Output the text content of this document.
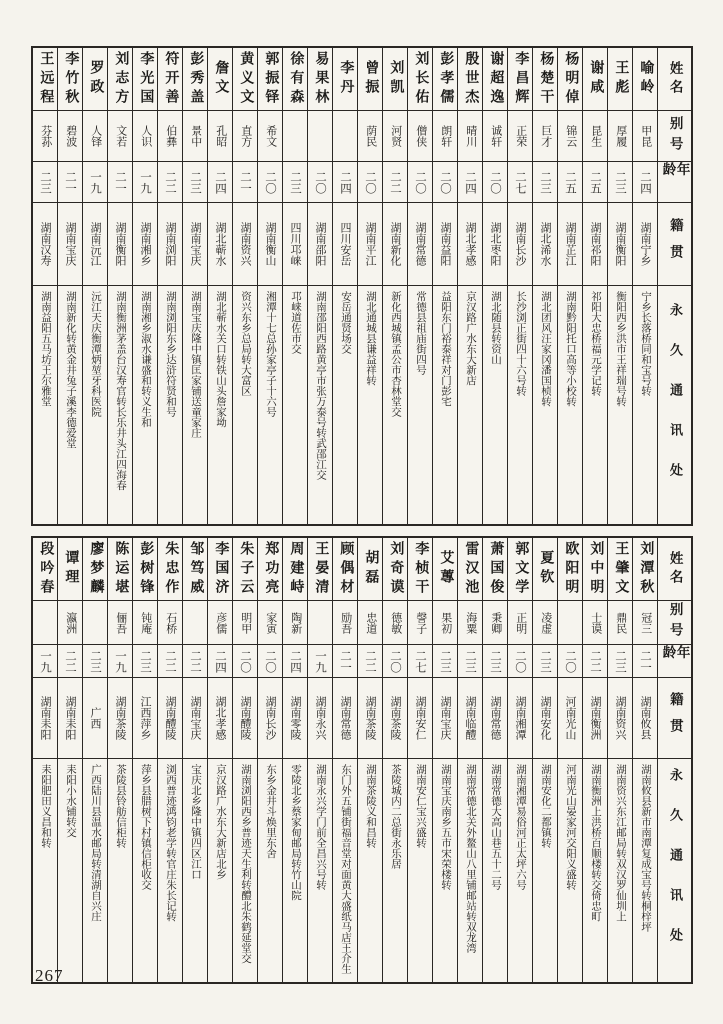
姓名
别号
年龄
籍贯
永久通讯处
喻岭
甲昆
二四
湖南宁乡
宁乡长落桥同和宝号转
王彪
厚履
二三
湖南衡阳
衡阳西乡洪市王祥瑞号转
谢咸
昆生
二五
湖南祁阳
祁阳大忠桥福元学记转
杨明倬
锦云
二五
湖南芷江
湖南黔阳托口高等小校转
杨楚干
巨才
二三
湖北浠水
湖北团风汪家冈潘国桢转
李昌辉
正荣
二七
湖南长沙
长沙浏正街四十六号转
谢超逸
诚轩
二〇
湖北枣阳
湖北随县转资山
殷世杰
晴川
二四
湖北孝感
京汉路广水东大新店
彭孝儒
朗轩
二〇
湖南益阳
益阳东门裕泰祥对门彭宅
刘长佑
僧侠
二〇
湖南常德
常德县祖庙街四号
刘凯
河贤
二二
湖南新化
新化西城镇孟公市杏林堂交
曾振
荫民
二〇
湖南平江
湖北通城县谦益祥转
李丹
二四
四川安岳
安岳通贤场交
易果林
二〇
湖南邵阳
湖南邵阳西路黄亭市张万泰号转武邵江交
徐有森
二三
四川邛崃
邛崃道佐市交
郭振铎
希文
二〇
湖南衡山
湘潭十七总孙家亭子十六号
黄义文
直方
二一
湖南资兴
资兴东乡总局转大富区
詹文
孔昭
二四
湖北蕲水
湖北蕲水关口转铁山头詹家坳
彭秀盖
景中
二三
湖南宝庆
湖南宝庆隆中镇匡家铺送童家庄
符开善
伯彝
二二
湖南浏阳
湖南浏阳东乡达浒符贤和号
李光国
人识
一九
湖南湘乡
湖南湘乡淑水谦盛和转义生和
刘志方
文若
二一
湖南衡阳
湖南衡洲茅盖台汉寿官转长乐井头江四海春
罗政
人铎
一九
湖南沅江
沅江天庆衡潭炳堃牙科医院
李竹秋
碧波
二一
湖南宝庆
湖南新化转黄金井兔子溪李德爱堂
王远程
芬荪
二三
湖南汉寿
湖南益阳五马坊王尔雅堂
姓名
别号
年龄
籍贯
永久通讯处
刘潭秋
冠三
二一
湖南攸县
湖南攸县新市南潭复成宝号转桐梓坪
王肇文
鼎民
二三
湖南资兴
湖南资兴东江邮局转双汉罗仙圳上
刘中明
士谟
二二
湖南衡洲
湖南衡洲上洪桥百顺楼转交倚忠町
欧阳明
二〇
河南光山
河南光山晏家河交阳义盛转
夏钦
凌虚
二三
湖南安化
湖南安化二都镇转
郭文学
正明
二〇
湖南湘潭
湖南湘潭易俗河正太坪六号
萧国俊
秉卿
二三
湖南常德
湖南常德大高山巷五十二号
雷汉池
海粟
二三
湖南临醴
湖南常德北关外鳌山八里铺邮站转双龙湾
艾蓴
果初
二三
湖南宝庆
湖南宝庆南乡五市宋荣楼转
李桢干
謦子
二七
湖南安仁
湖南安仁宝兴盛转
刘奇谟
德敏
二〇
湖南茶陵
茶陵城内二总街永乐居
胡磊
忠道
二二
湖南茶陵
湖南茶陵义和昌转
顾偶材
励吾
二一
湖南常德
东门外五铺街福音堂对面黄大盛纸马店王介生
王晏清
一九
湖南永兴
湖南永兴学门前全昌兴号转
周建峙
陶新
二四
湖南零陵
零陵北乡蔡家甸邮局转竹山院
郑功亮
家寅
二〇
湖南长沙
东乡金井斗焕里东舍
朱子云
明甲
二〇
湖南醴陵
湖南浏阳西乡普迹天生利转醴北朱鹤延堂交
李国济
彦儒
二四
湖北孝感
京汉路广水东大新店北乡
邹笃威
二二
湖南宝庆
宝庆北乡隆中镇四区江口
朱忠作
石桥
二二
湖南醴陵
浏西普迹鸿钧老学转官庄朱长记转
彭树锋
钝庵
二三
江西萍乡
萍乡县腊树下村镇信柜收交
陈运堪
俪吾
一九
湖南茶陵
茶陵县铃舫信柜转
廖梦麟
二三
广西
广西陆川县温水邮局转清湖自兴庄
谭理
瀛洲
二二
湖南耒阳
耒阳小水铺转交
段吟春
一九
湖南耒阳
耒阳肥田义昌和转
267
